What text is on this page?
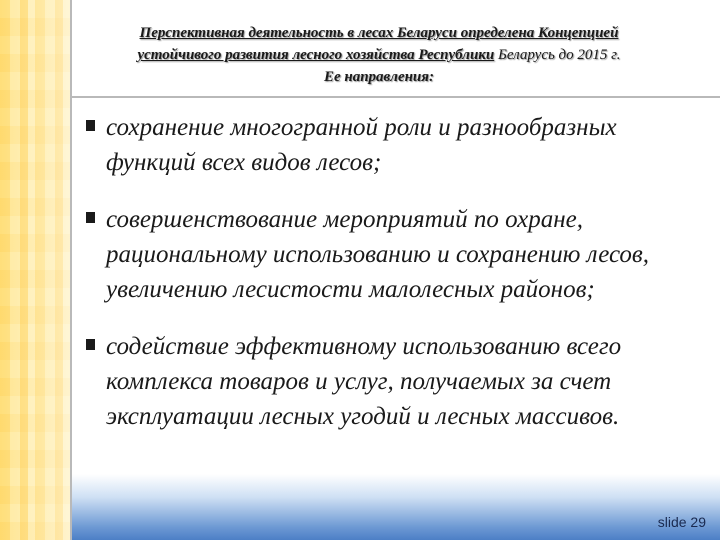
Перспективная деятельность в лесах Беларуси определена Концепцией
устойчивого развития лесного хозяйства Республики Беларусь до 2015 г.
Ее направления:
сохранение многогранной роли и разнообразных функций всех видов лесов;
совершенствование мероприятий по охране, рациональному использованию и сохранению лесов, увеличению лесистости малолесных районов;
содействие эффективному использованию всего комплекса товаров и услуг, получаемых за счет эксплуатации лесных угодий и лесных массивов.
slide 29
